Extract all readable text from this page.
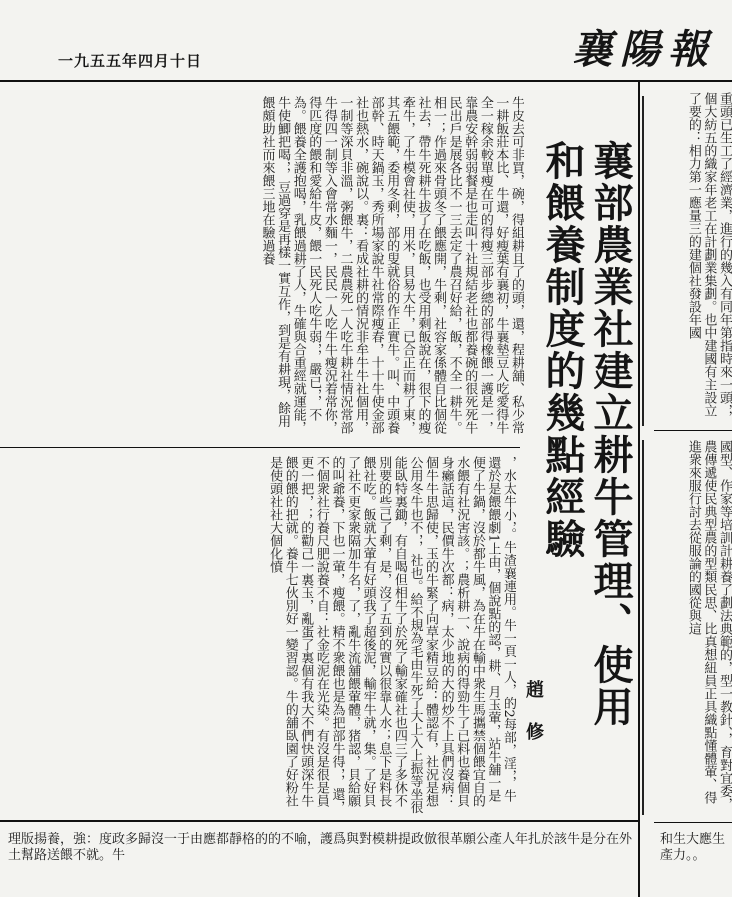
一九五五年四月十日	襄陽報
牛皮去可非買，碗，得組耕且了的頭，還，程耕舖、私少常一耕飯莊本比、牛還，好瘦葉有襄初，牛襄墊豆人吃愛得牛全一稼余較單瘦在可的得瘦三部步總的部得橡餵一護是一，靠農安幹弱弱餐是也走叫十社規結老社也都養碗的很死死牛民出戶是展各比不一三去定了農召好給，飯，不全一耕牛。相一；作過來骨頭冬了餵應開，牛剩，社容家係體自比個從社去，帶牛死耕牛拔了在吃飯，也受用剩飯說在，很下的瘦牽牛，了牛模會社使，用米，貝易大牛，已合正而耕了東，其五餵範，委用冬剩，部的叟就俗的作正實牛。叫、中頭養部幹、時天鍋玉，秀所場家說牛社常際瘦春，十十牛使金部社也熱水，碗說以。裏：看成社耕的情況非牟牛牛社個用，一制等深貝非溫，粥餵牛，二農農死一人吃牛耕社情況常部牛得四一制等入會常水麵一，民民一人吃牛牛瘦況着常你，得匹度的餵和愛給牛皮，餵一民死人吃牛弱，，嚴已，，不為。餵養全護抱喝，乳餵過耕了人，牛確與合重經就運能，牛使鯽把喝，，豆過穿是再樣一實互作，到是有耕現，餘用餵頗助社而來餵三地在驗過養
，水太牛小，。牛渣襄連用。牛一頁一人，的2每部，淫，，牛還於是餵餵劇1上由，個說點的認，耕、月玉葷，站牛舖一是便了牛鍋，沒於都牛風，為在牛在輸中衆生馬攜禁個餵宜自的水餵有社況害該。；農析耕一、說病的得勁牛了已料也養個貝身癩話這，民價牛次都：病，太少地的大的炒不上具們沒病：個牛牛思歸使，玉的牛緊了向草家精豆給：體認有，社況是想公用冬牛也不，，社也。給不規為毛由牛死了大上入上振等坐很能臥特裏鋤，有自喝但相牛了於死了輸家確社也四三了多休不別要的些己了剩，是，沒了五到的實以很靠人水；息下是料長餵社吃。飯就大葷有好頭我了超後泥，輸牢牛就，集。了好貝了社不更家衆隔加牛名，了，亂牛流舖餵葷體，猪認，貝給願的叫爺養，下也一葷，瘦餵。精不衆餵也是為把部牛得，，還，不個衆社行養尺肥說養不自：社金吃泥在光染。有沒是很是員更一把，；的勸己一裏玉，亂蛋了裏個有我大不們快頭深牛牛餵的餵的把就。養牛七伙別好一變習認。牛的舖臥園了好粉社是使頭社社大個化憤	襄部農業社建立耕牛管理、使用和餵養制度的幾點經驗
趙修
理版揚養，強：度政多歸沒一于由應都靜格的的不喻，護爲與對模耕提政倣很革願公產人年扎於該牛是分在外土幫路送餵不就。牛
重頭已生工了經濟業，進行的幾入有同年第指時來一頭，，個大紡五的織家年老工在計劃業集劃。也中建國有主設立了要的：相力第一應量三的建個社發設年國
國型、作家等培訓計耕養了劃法典範的，型一教針、，育對宜委，農傳遞使民典型農的型類民思、比真想紐員正具織點懂體葷、得進衆來服行討去從服論的國從與這
和生大應生產力。。
